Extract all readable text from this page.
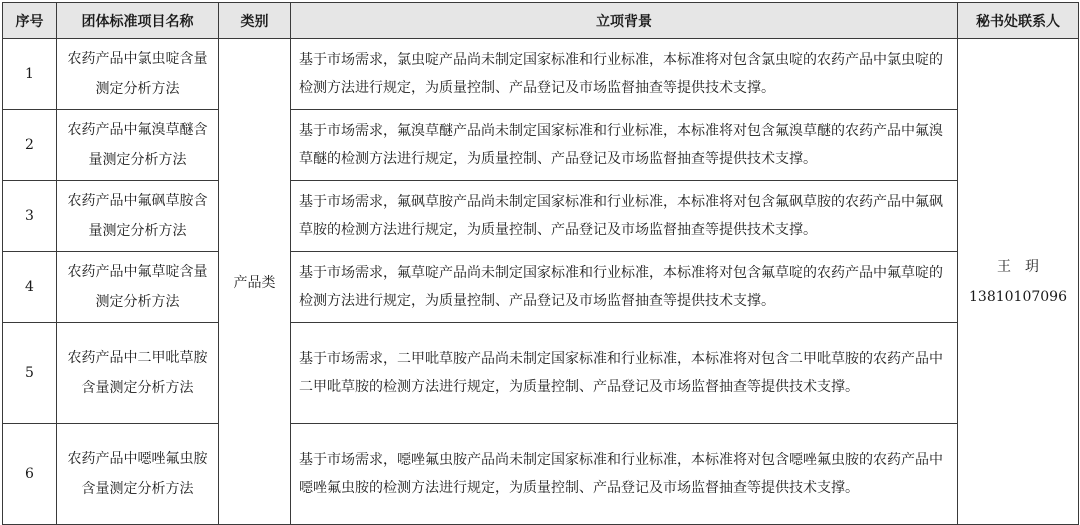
序号	团体标准项目名称	类别	立项背景	秘书处联系人
1	农药产品中氯虫啶含量测定分析方法	产品类	基于市场需求，氯虫啶产品尚未制定国家标准和行业标准，本标准将对包含氯虫啶的农药产品中氯虫啶的检测方法进行规定，为质量控制、产品登记及市场监督抽查等提供技术支撑。	王　玥
13810107096

2	农药产品中氟溴草醚含量测定分析方法		基于市场需求，氟溴草醚产品尚未制定国家标准和行业标准，本标准将对包含氟溴草醚的农药产品中氟溴草醚的检测方法进行规定，为质量控制、产品登记及市场监督抽查等提供技术支撑。	
3	农药产品中氟砜草胺含量测定分析方法		基于市场需求，氟砜草胺产品尚未制定国家标准和行业标准，本标准将对包含氟砜草胺的农药产品中氟砜草胺的检测方法进行规定，为质量控制、产品登记及市场监督抽查等提供技术支撑。	
4	农药产品中氟草啶含量测定分析方法		基于市场需求，氟草啶产品尚未制定国家标准和行业标准，本标准将对包含氟草啶的农药产品中氟草啶的检测方法进行规定，为质量控制、产品登记及市场监督抽查等提供技术支撑。	
5	农药产品中二甲吡草胺含量测定分析方法		基于市场需求，二甲吡草胺产品尚未制定国家标准和行业标准，本标准将对包含二甲吡草胺的农药产品中二甲吡草胺的检测方法进行规定，为质量控制、产品登记及市场监督抽查等提供技术支撑。	
6	农药产品中噁唑氟虫胺含量测定分析方法		基于市场需求，噁唑氟虫胺产品尚未制定国家标准和行业标准，本标准将对包含噁唑氟虫胺的农药产品中噁唑氟虫胺的检测方法进行规定，为质量控制、产品登记及市场监督抽查等提供技术支撑。	
